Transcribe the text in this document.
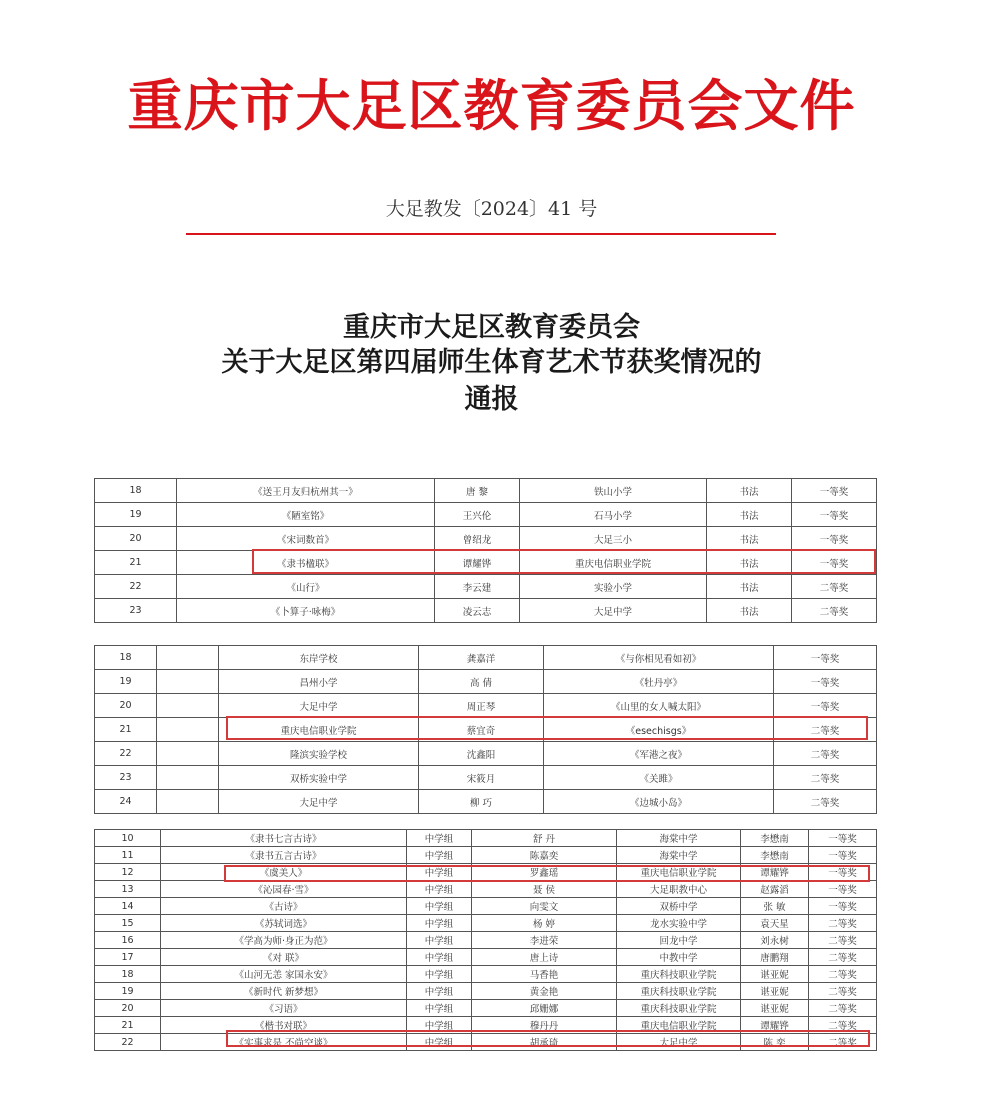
重庆市大足区教育委员会文件
大足教发〔2024〕41 号
重庆市大足区教育委员会
关于大足区第四届师生体育艺术节获奖情况的
通报
18	《送王月友归杭州其一》	唐 黎	铁山小学	书法	一等奖
19	《陋室铭》	王兴伦	石马小学	书法	一等奖
20	《宋词数首》	曾绍龙	大足三小	书法	一等奖
21	《隶书楹联》	谭耀铧	重庆电信职业学院	书法	一等奖
22	《山行》	李云建	实验小学	书法	二等奖
23	《卜算子·咏梅》	凌云志	大足中学	书法	二等奖
18		东岸学校	龚嘉洋	《与你相见看如初》	一等奖
19		昌州小学	高 倩	《牡丹亭》	一等奖
20		大足中学	周正琴	《山里的女人喊太阳》	一等奖
21		重庆电信职业学院	蔡宜奇	《esechisgs》	二等奖
22		隆滨实验学校	沈鑫阳	《军港之夜》	二等奖
23		双桥实验中学	宋筱月	《关雎》	二等奖
24		大足中学	柳 巧	《边城小岛》	二等奖
10	《隶书七言古诗》	中学组	舒 丹	海棠中学	李懋南	一等奖
11	《隶书五言古诗》	中学组	陈嘉奕	海棠中学	李懋南	一等奖
12	《虞美人》	中学组	罗鑫瑶	重庆电信职业学院	谭耀铧	一等奖
13	《沁园春·雪》	中学组	聂 侯	大足职教中心	赵露滔	一等奖
14	《古诗》	中学组	向雯文	双桥中学	张 敏	一等奖
15	《苏轼词选》	中学组	杨 婷	龙水实验中学	袁天星	二等奖
16	《学高为师·身正为范》	中学组	李进荣	回龙中学	刘永树	二等奖
17	《对 联》	中学组	唐上诗	中教中学	唐鹏翔	二等奖
18	《山河无恙 家国永安》	中学组	马香艳	重庆科技职业学院	谌亚妮	二等奖
19	《新时代 新梦想》	中学组	黄金艳	重庆科技职业学院	谌亚妮	二等奖
20	《习语》	中学组	邱姗娜	重庆科技职业学院	谌亚妮	二等奖
21	《楷书对联》	中学组	穆丹丹	重庆电信职业学院	谭耀铧	二等奖
22	《实事求是 不尚空谈》	中学组	胡承琦	大足中学	陈 奕	二等奖
